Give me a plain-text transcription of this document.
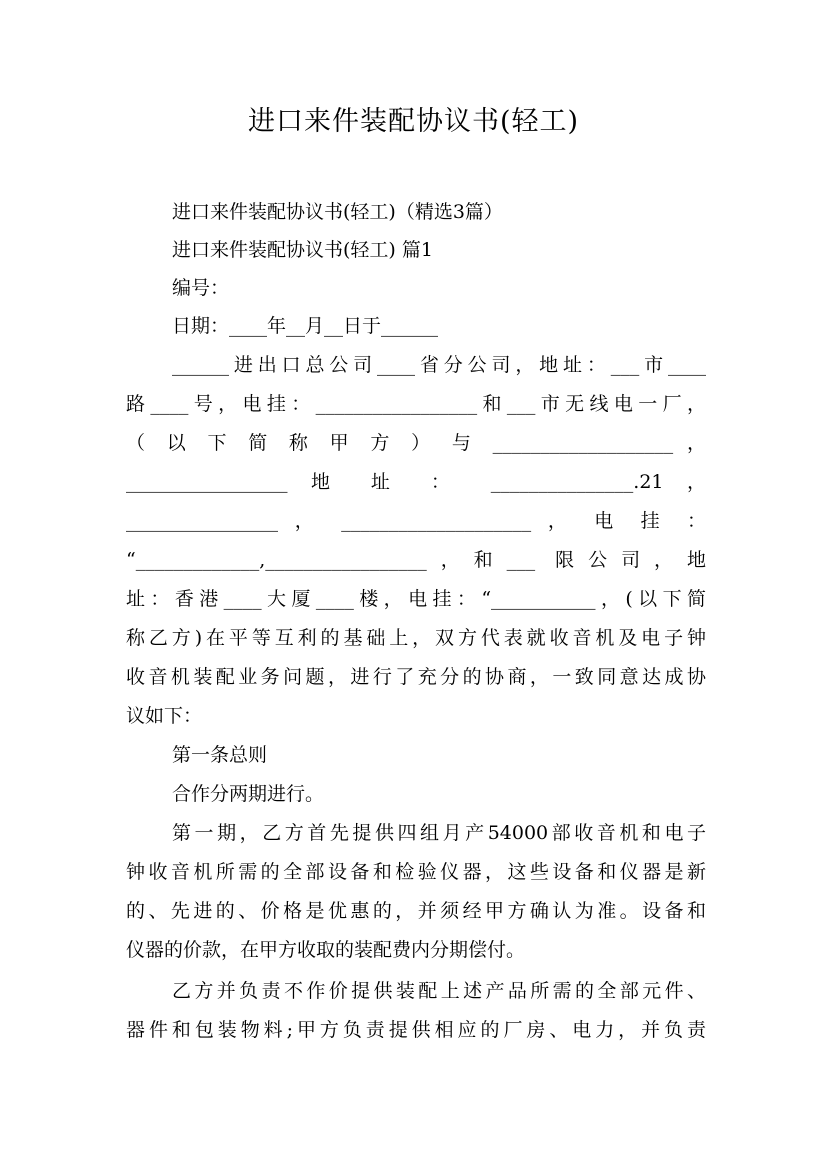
进口来件装配协议书(轻工)

进口来件装配协议书(轻工)（精选3篇）

进口来件装配协议书(轻工) 篇1

编号：

日期：____年__月__日于______

______进出口总公司____省分公司，地址：___市____

路____号，电挂：_________________和___市无线电一厂，

（ 以 下 简 称 甲 方 ） 与 ___________________ ，

_________________ 地 址 ： _______________.21 ，

________________ ， ____________________ ， 电 挂 ：

“_____________,_________________，和___ 限公司，地

址：香港____大厦____楼，电挂：“___________，(以下简

称乙方)在平等互利的基础上，双方代表就收音机及电子钟

收音机装配业务问题，进行了充分的协商，一致同意达成协

议如下：

第一条总则

合作分两期进行。

第一期，乙方首先提供四组月产54000部收音机和电子

钟收音机所需的全部设备和检验仪器，这些设备和仪器是新

的、先进的、价格是优惠的，并须经甲方确认为准。设备和

仪器的价款，在甲方收取的装配费内分期偿付。

乙方并负责不作价提供装配上述产品所需的全部元件、

器件和包装物料;甲方负责提供相应的厂房、电力，并负责
